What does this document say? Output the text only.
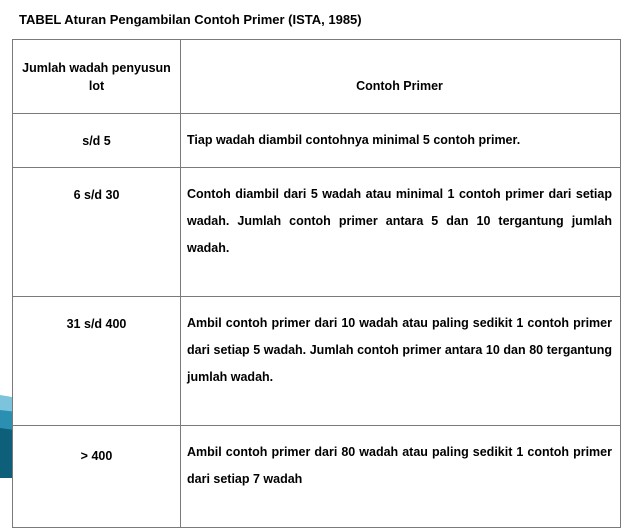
TABEL Aturan Pengambilan Contoh Primer (ISTA, 1985)
Jumlah wadah penyusun lot	Contoh Primer
s/d 5	Tiap wadah diambil contohnya minimal 5 contoh primer.
6 s/d 30	Contoh diambil dari 5 wadah atau minimal 1 contoh primer dari setiap wadah. Jumlah contoh primer antara 5 dan 10 tergantung jumlah wadah.
31 s/d 400	Ambil contoh primer dari 10 wadah atau paling sedikit 1 contoh primer dari setiap 5 wadah. Jumlah contoh primer antara 10 dan 80 tergantung jumlah wadah.
> 400	Ambil contoh primer dari 80 wadah atau paling sedikit 1 contoh primer dari setiap 7 wadah
